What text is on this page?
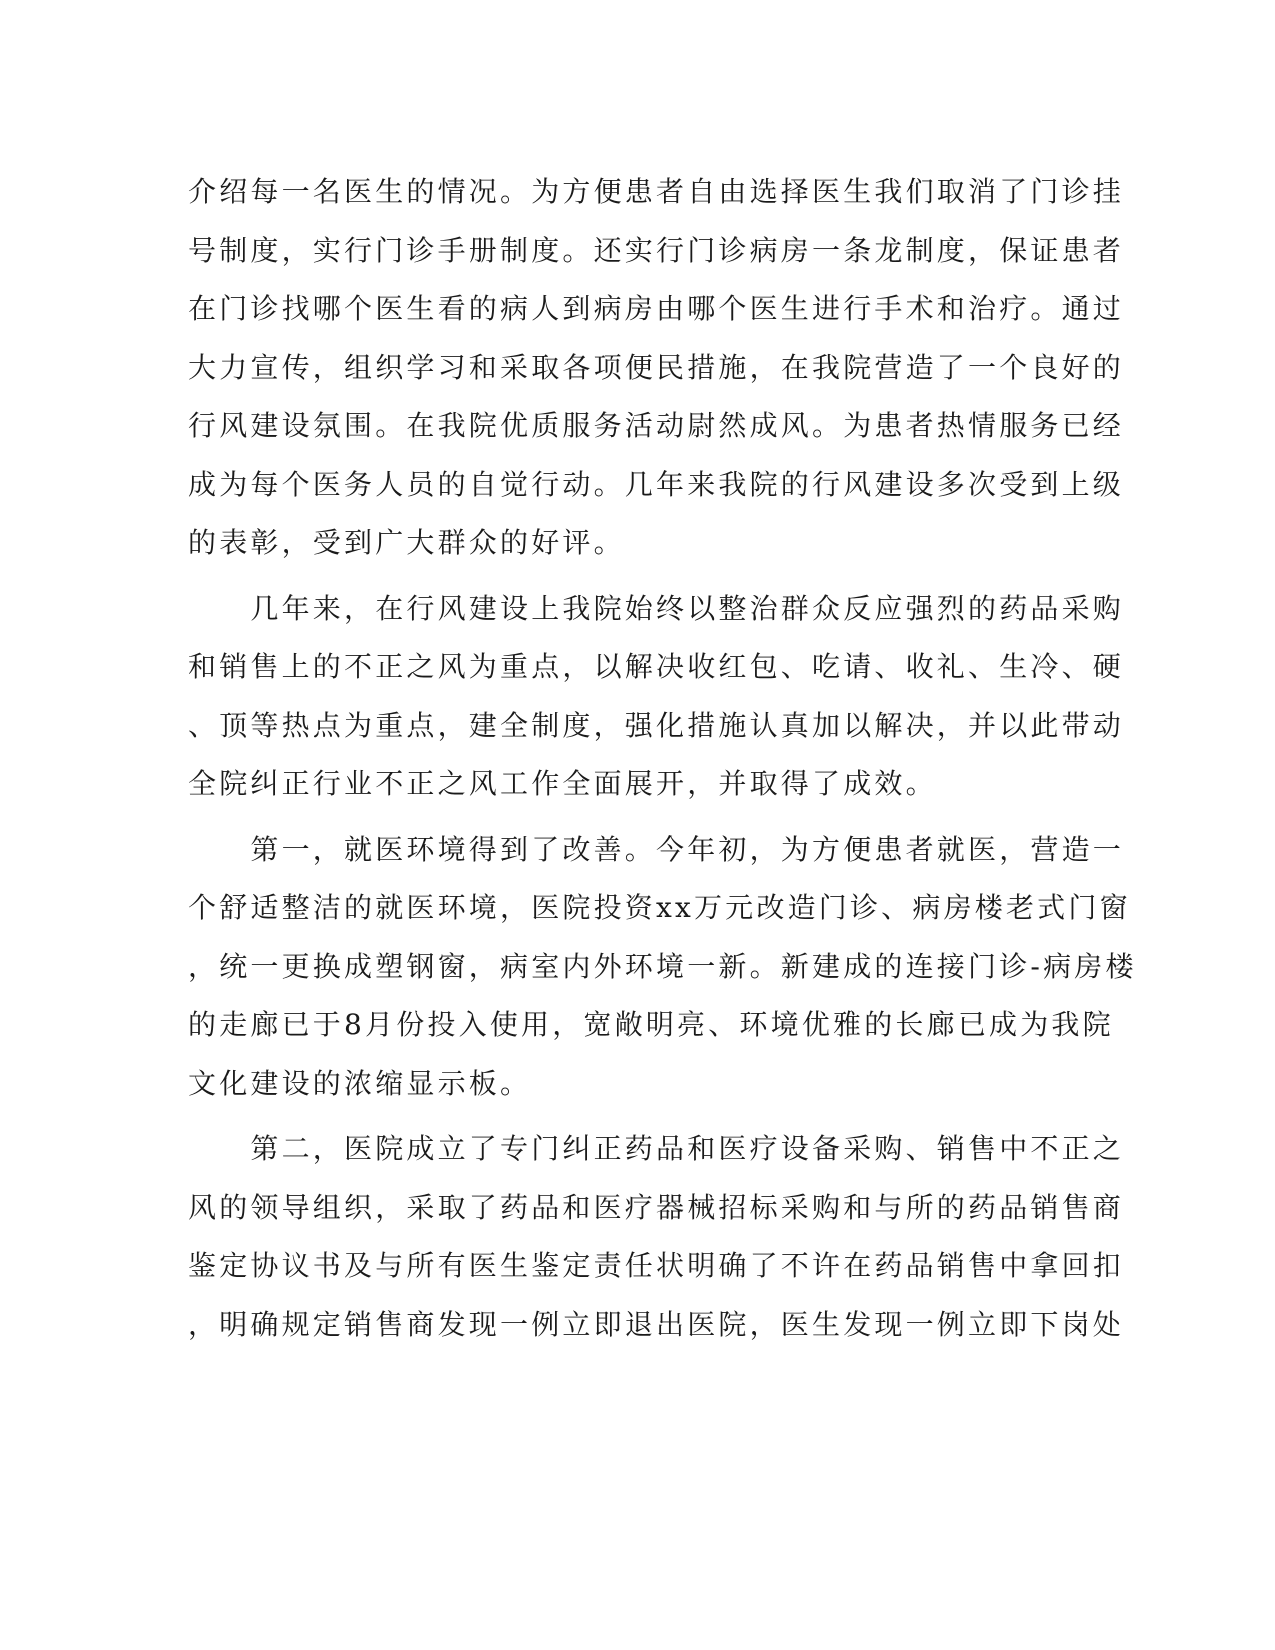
介绍每一名医生的情况。为方便患者自由选择医生我们取消了门诊挂
号制度，实行门诊手册制度。还实行门诊病房一条龙制度，保证患者
在门诊找哪个医生看的病人到病房由哪个医生进行手术和治疗。通过
大力宣传，组织学习和采取各项便民措施，在我院营造了一个良好的
行风建设氛围。在我院优质服务活动尉然成风。为患者热情服务已经
成为每个医务人员的自觉行动。几年来我院的行风建设多次受到上级
的表彰，受到广大群众的好评。
　　几年来，在行风建设上我院始终以整治群众反应强烈的药品采购
和销售上的不正之风为重点，以解决收红包、吃请、收礼、生冷、硬
、顶等热点为重点，建全制度，强化措施认真加以解决，并以此带动
全院纠正行业不正之风工作全面展开，并取得了成效。
　　第一，就医环境得到了改善。今年初，为方便患者就医，营造一
个舒适整洁的就医环境，医院投资xx万元改造门诊、病房楼老式门窗
，统一更换成塑钢窗，病室内外环境一新。新建成的连接门诊-病房楼
的走廊已于8月份投入使用，宽敞明亮、环境优雅的长廊已成为我院
文化建设的浓缩显示板。
　　第二，医院成立了专门纠正药品和医疗设备采购、销售中不正之
风的领导组织，采取了药品和医疗器械招标采购和与所的药品销售商
鉴定协议书及与所有医生鉴定责任状明确了不许在药品销售中拿回扣
，明确规定销售商发现一例立即退出医院，医生发现一例立即下岗处
